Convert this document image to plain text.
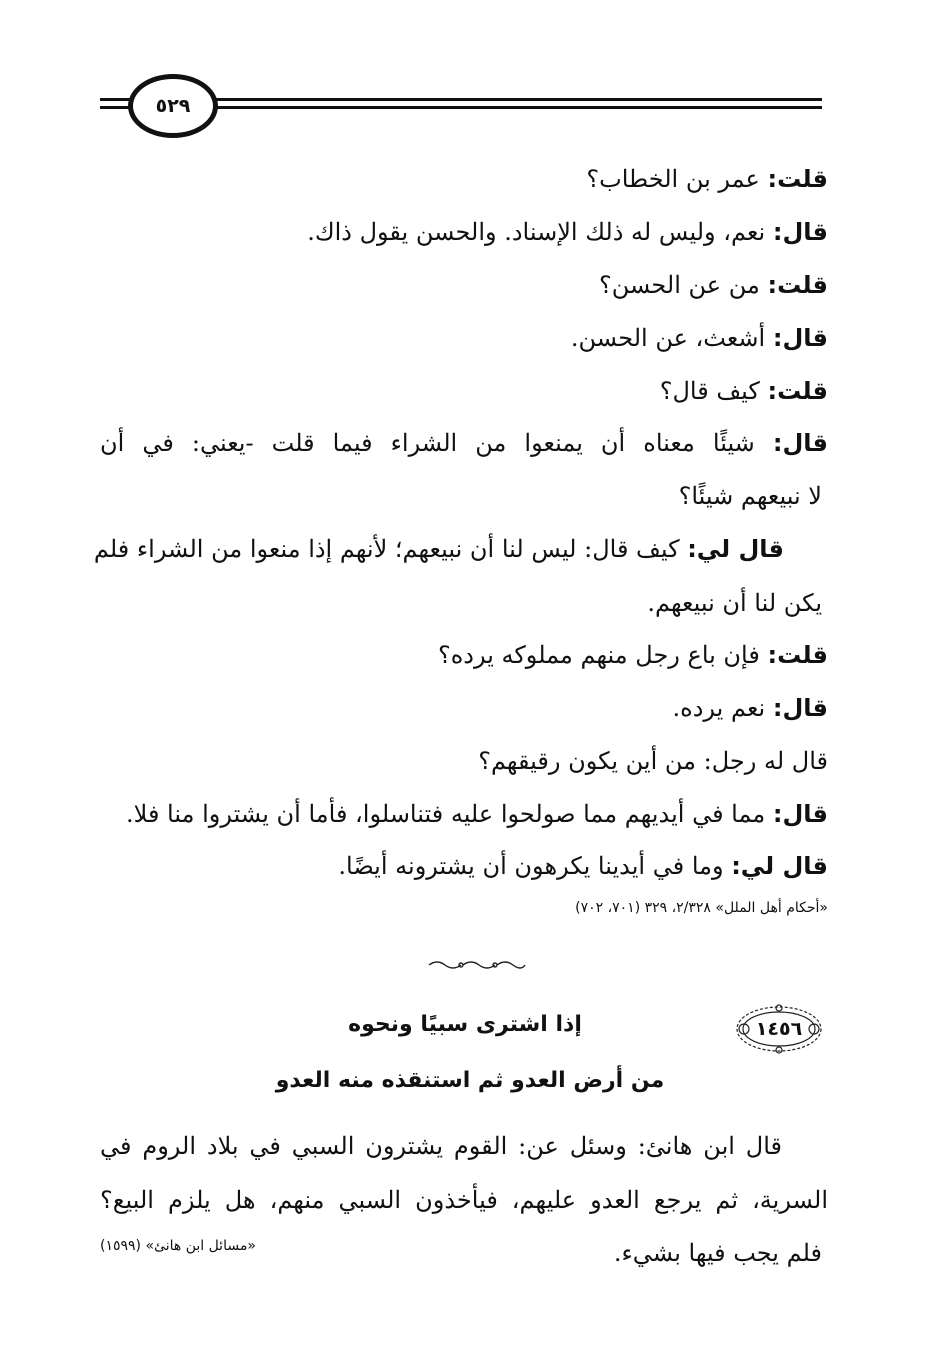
٥٢٩
قلت: عمر بن الخطاب؟
قال: نعم، وليس له ذلك الإسناد. والحسن يقول ذاك.
قلت: من عن الحسن؟
قال: أشعث، عن الحسن.
قلت: كيف قال؟
قال: شيئًا معناه أن يمنعوا من الشراء فيما قلت -يعني: في أن
لا نبيعهم شيئًا؟
قال لي: كيف قال: ليس لنا أن نبيعهم؛ لأنهم إذا منعوا من الشراء فلم
يكن لنا أن نبيعهم.
قلت: فإن باع رجل منهم مملوكه يرده؟
قال: نعم يرده.
قال له رجل: من أين يكون رقيقهم؟
قال: مما في أيديهم مما صولحوا عليه فتناسلوا، فأما أن يشتروا منا فلا.
قال لي: وما في أيدينا يكرهون أن يشترونه أيضًا.
«أحكام أهل الملل» ٢/٣٢٨، ٣٢٩ (٧٠١، ٧٠٢)
١٤٥٦
إذا اشترى سبيًا ونحوه
من أرض العدو ثم استنقذه منه العدو
قال ابن هانئ: وسئل عن: القوم يشترون السبي في بلاد الروم في
السرية، ثم يرجع العدو عليهم، فيأخذون السبي منهم، هل يلزم البيع؟
فلم يجب فيها بشيء.
«مسائل ابن هانئ» (١٥٩٩)
